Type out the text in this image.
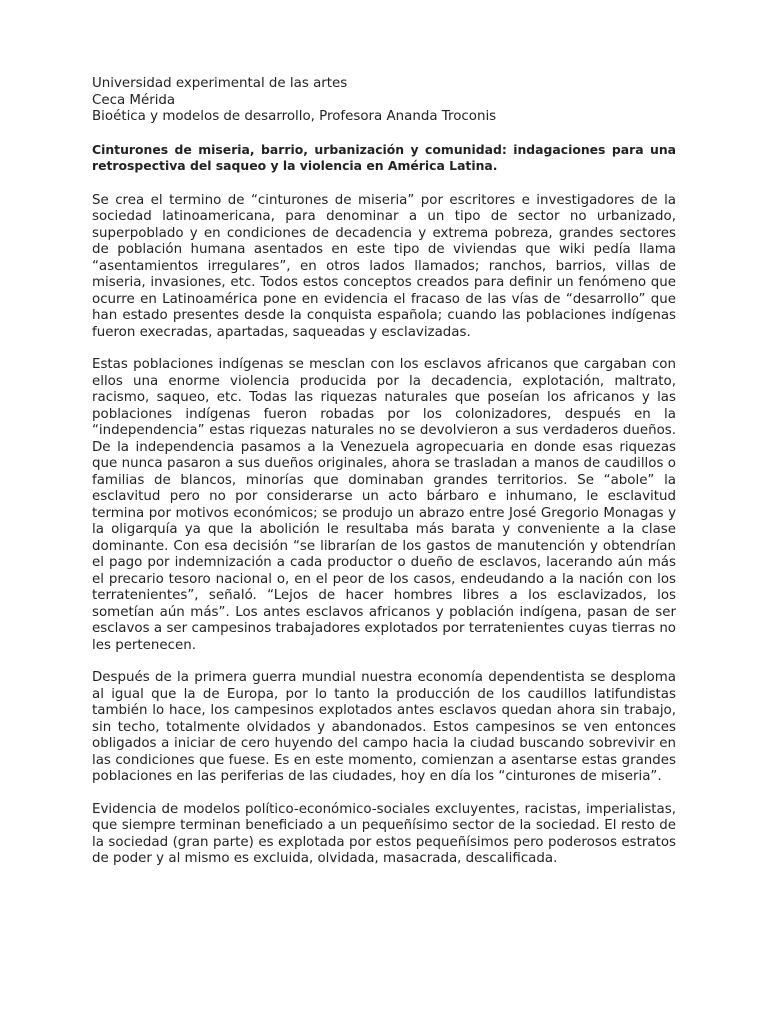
Universidad experimental de las artes
Ceca Mérida
Bioética y modelos de desarrollo, Profesora Ananda Troconis
Cinturones de miseria, barrio, urbanización y comunidad: indagaciones para una retrospectiva del saqueo y la violencia en América Latina.
Se crea el termino de “cinturones de miseria” por escritores e investigadores de la sociedad latinoamericana, para denominar a un tipo de sector no urbanizado, superpoblado y en condiciones de decadencia y extrema pobreza, grandes sectores de población humana asentados en este tipo de viviendas que wiki pedía llama “asentamientos irregulares”, en otros lados llamados; ranchos, barrios, villas de miseria, invasiones, etc. Todos estos conceptos creados para definir un fenómeno que ocurre en Latinoamérica pone en evidencia el fracaso de las vías de “desarrollo” que han estado presentes desde la conquista española; cuando las poblaciones indígenas fueron execradas, apartadas, saqueadas y esclavizadas.
Estas poblaciones indígenas se mesclan con los esclavos africanos que cargaban con ellos una enorme violencia producida por la decadencia, explotación, maltrato, racismo, saqueo, etc. Todas las riquezas naturales que poseían los africanos y las poblaciones indígenas fueron robadas por los colonizadores, después en la “independencia” estas riquezas naturales no se devolvieron a sus verdaderos dueños. De la independencia pasamos a la Venezuela agropecuaria en donde esas riquezas que nunca pasaron a sus dueños originales, ahora se trasladan a manos de caudillos o familias de blancos, minorías que dominaban grandes territorios. Se “abole” la esclavitud pero no por considerarse un acto bárbaro e inhumano, le esclavitud termina por motivos económicos; se produjo un abrazo entre José Gregorio Monagas y la oligarquía ya que la abolición le resultaba más barata y conveniente a la clase dominante. Con esa decisión “se librarían de los gastos de manutención y obtendrían el pago por indemnización a cada productor o dueño de esclavos, lacerando aún más el precario tesoro nacional o, en el peor de los casos, endeudando a la nación con los terratenientes”, señaló. “Lejos de hacer hombres libres a los esclavizados, los sometían aún más”. Los antes esclavos africanos y población indígena, pasan de ser esclavos a ser campesinos trabajadores explotados por terratenientes cuyas tierras no les pertenecen.
Después de la primera guerra mundial nuestra economía dependentista se desploma al igual que la de Europa, por lo tanto la producción de los caudillos latifundistas también lo hace, los campesinos explotados antes esclavos quedan ahora sin trabajo, sin techo, totalmente olvidados y abandonados. Estos campesinos se ven entonces obligados a iniciar de cero huyendo del campo hacia la ciudad buscando sobrevivir en las condiciones que fuese. Es en este momento, comienzan a asentarse estas grandes poblaciones en las periferias de las ciudades, hoy en día los “cinturones de miseria”.
Evidencia de modelos político-económico-sociales excluyentes, racistas, imperialistas, que siempre terminan beneficiado a un pequeñísimo sector de la sociedad. El resto de la sociedad (gran parte) es explotada por estos pequeñísimos pero poderosos estratos de poder y al mismo es excluida, olvidada, masacrada, descalificada.
